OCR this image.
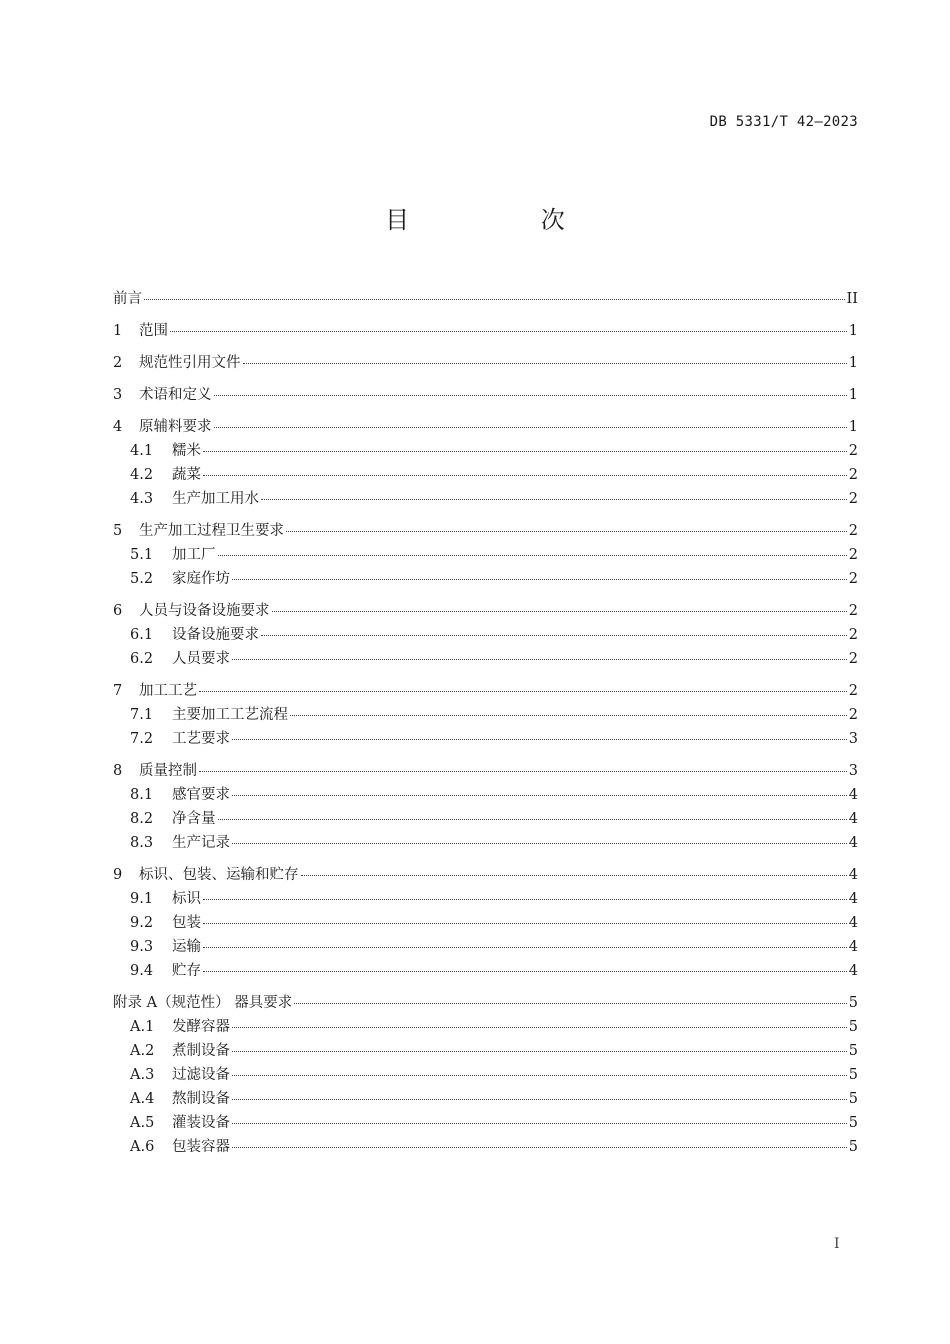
DB 5331/T 42—2023
目 次
前言	II
1	范围	1
2	规范性引用文件	1
3	术语和定义	1
4	原辅料要求	1
4.1	糯米	2
4.2	蔬菜	2
4.3	生产加工用水	2
5	生产加工过程卫生要求	2
5.1	加工厂	2
5.2	家庭作坊	2
6	人员与设备设施要求	2
6.1	设备设施要求	2
6.2	人员要求	2
7	加工工艺	2
7.1	主要加工工艺流程	2
7.2	工艺要求	3
8	质量控制	3
8.1	感官要求	4
8.2	净含量	4
8.3	生产记录	4
9	标识、包装、运输和贮存	4
9.1	标识	4
9.2	包装	4
9.3	运输	4
9.4	贮存	4
附录 A（规范性） 器具要求	5
A.1	发酵容器	5
A.2	煮制设备	5
A.3	过滤设备	5
A.4	熬制设备	5
A.5	灌装设备	5
A.6	包装容器	5
I
